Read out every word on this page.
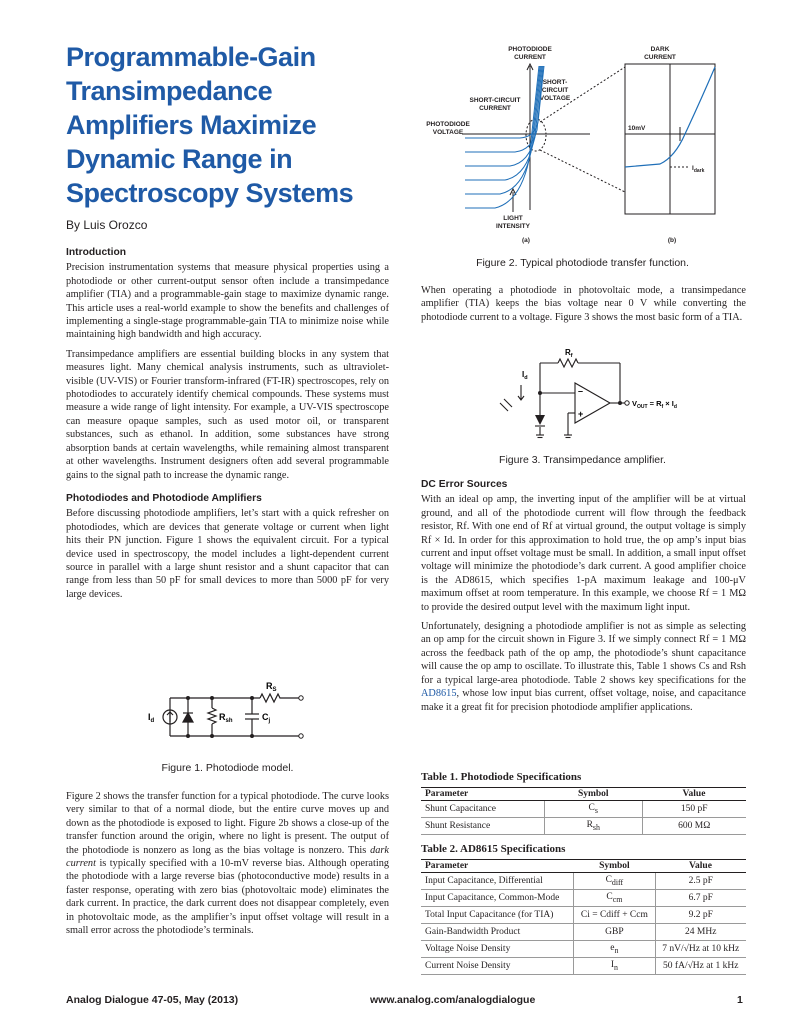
Programmable-Gain
Transimpedance
Amplifiers Maximize
Dynamic Range in
Spectroscopy Systems
By Luis Orozco
Introduction

Precision instrumentation systems that measure physical properties using a photodiode or other current-output sensor often include a transimpedance amplifier (TIA) and a programmable-gain stage to maximize dynamic range. This article uses a real-world example to show the benefits and challenges of implementing a single-stage programmable-gain TIA to minimize noise while maintaining high bandwidth and high accuracy.

Transimpedance amplifiers are essential building blocks in any system that measures light. Many chemical analysis instruments, such as ultraviolet-visible (UV-VIS) or Fourier transform-infrared (FT-IR) spectroscopes, rely on photodiodes to accurately identify chemical compounds. These systems must measure a wide range of light intensity. For example, a UV-VIS spectroscope can measure opaque samples, such as used motor oil, or transparent substances, such as ethanol. In addition, some substances have strong absorption bands at certain wavelengths, while remaining almost transparent at other wavelengths. Instrument designers often add several programmable gains to the signal path to increase the dynamic range.

Photodiodes and Photodiode Amplifiers

Before discussing photodiode amplifiers, let’s start with a quick refresher on photodiodes, which are devices that generate voltage or current when light hits their PN junction. Figure 1 shows the equivalent circuit. For a typical device used in spectroscopy, the model includes a light-dependent current source in parallel with a large shunt resistor and a shunt capacitor that can range from less than 50 pF for small devices to more than 5000 pF for very large devices.

$R_S$
$I_d$	$R_{sh}$	$C_j$
Figure 1. Photodiode model.

Figure 2 shows the transfer function for a typical photodiode. The curve looks very similar to that of a normal diode, but the entire curve moves up and down as the photodiode is exposed to light. Figure 2b shows a close-up of the transfer function around the origin, where no light is present. The output of the photodiode is nonzero as long as the bias voltage is nonzero. This dark current is typically specified with a 10-mV reverse bias. Although operating the photodiode with a large reverse bias (photoconductive mode) results in a faster response, operating with zero bias (photovoltaic mode) eliminates the dark current. In practice, the dark current does not disappear completely, even in photovoltaic mode, as the amplifier’s input offset voltage will result in a small error across the photodiode’s terminals.

PHOTODIODE CURRENT
DARK CURRENT
SHORT-CIRCUIT VOLTAGE
SHORT-CIRCUIT CURRENT
PHOTODIODE VOLTAGE
LIGHT INTENSITY
(a)	(b)
10mV
$I_{dark}$
Figure 2. Typical photodiode transfer function.

When operating a photodiode in photovoltaic mode, a transimpedance amplifier (TIA) keeps the bias voltage near 0 V while converting the photodiode current to a voltage. Figure 3 shows the most basic form of a TIA.

–
+
$R_f$
$I_d$
$V_{OUT} = R_f \times I_d$
Figure 3. Transimpedance amplifier.
DC Error Sources

With an ideal op amp, the inverting input of the amplifier will be at virtual ground, and all of the photodiode current will flow through the feedback resistor, Rf. With one end of Rf at virtual ground, the output voltage is simply Rf × Id. In order for this approximation to hold true, the op amp’s input bias current and input offset voltage must be small. In addition, a small input offset voltage will minimize the photodiode’s dark current. A good amplifier choice is the AD8615, which specifies 1-pA maximum leakage and 100-μV maximum offset at room temperature. In this example, we choose Rf = 1 MΩ to provide the desired output level with the maximum light input.

Unfortunately, designing a photodiode amplifier is not as simple as selecting an op amp for the circuit shown in Figure 3. If we simply connect Rf = 1 MΩ across the feedback path of the op amp, the photodiode’s shunt capacitance will cause the op amp to oscillate. To illustrate this, Table 1 shows Cs and Rsh for a typical large-area photodiode. Table 2 shows key specifications for the AD8615, whose low input bias current, offset voltage, noise, and capacitance make it a great fit for precision photodiode amplifier applications.

Table 1. Photodiode Specifications
Parameter	Symbol	Value
Shunt Capacitance	$C_s$	150 pF
Shunt Resistance	$R_{sh}$	600 MΩ
Table 2. AD8615 Specifications
Parameter	Symbol	Value
Input Capacitance, Differential	$C_{diff}$	2.5 pF
Input Capacitance, Common-Mode	$C_{cm}$	6.7 pF
Total Input Capacitance (for TIA)	Ci = Cdiff + Ccm	9.2 pF
Gain-Bandwidth Product	GBP	24 MHz
Voltage Noise Density	$e_n$	7 nV/√Hz at 10 kHz
Current Noise Density	$I_n$	50 fA/√Hz at 1 kHz
Analog Dialogue 47-05, May (2013)	www.analog.com/analogdialogue	1
